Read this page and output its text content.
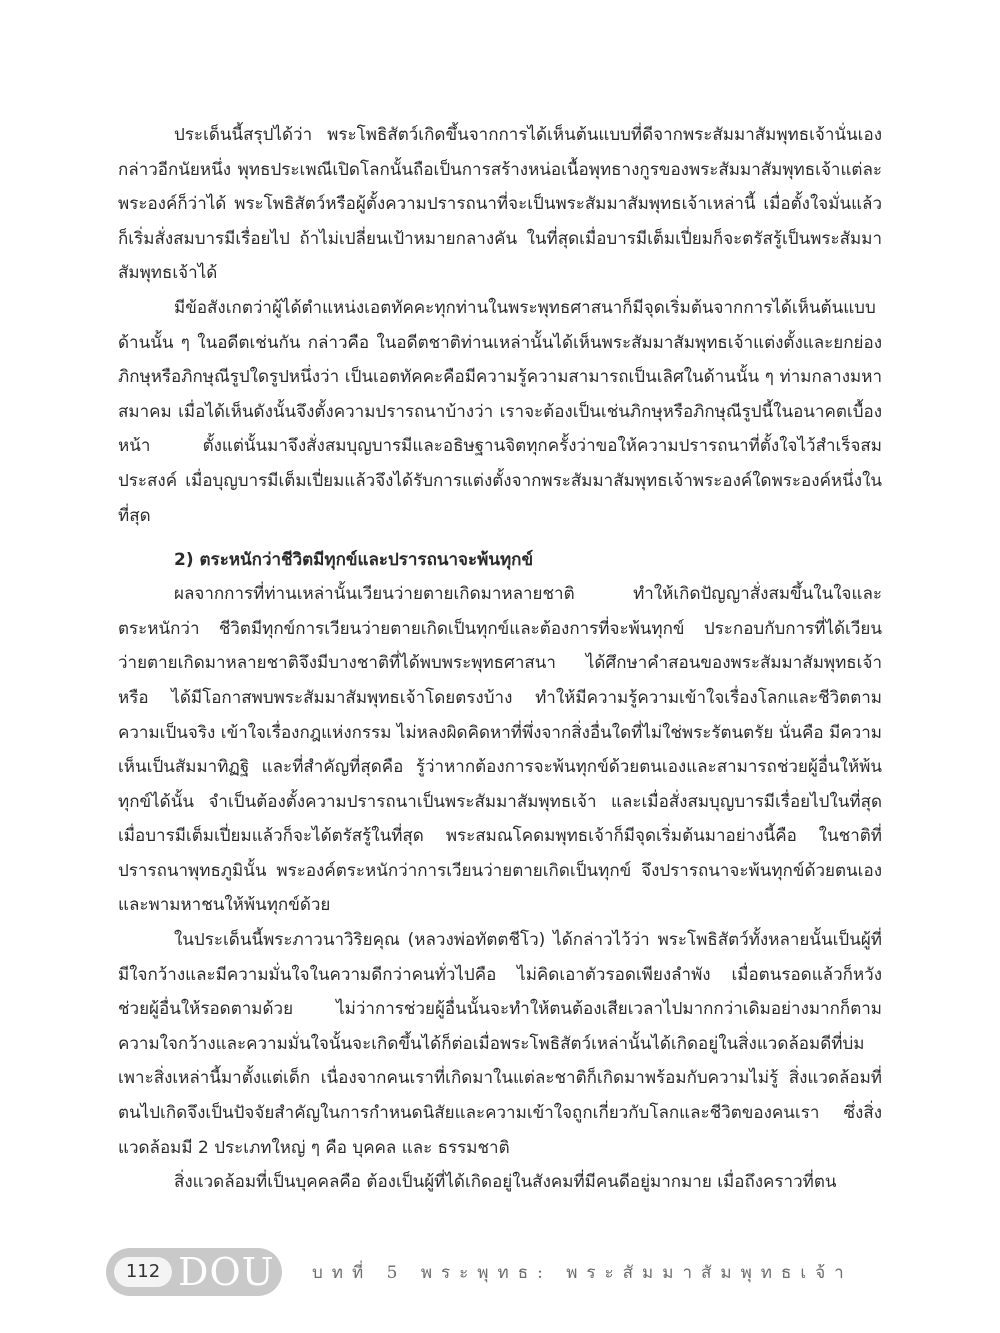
ประเด็นนี้สรุปได้ว่า พระโพธิสัตว์เกิดขึ้นจากการได้เห็นต้นแบบที่ดีจากพระสัมมาสัมพุทธเจ้านั่นเอง กล่าวอีกนัยหนึ่ง พุทธประเพณีเปิดโลกนั้นถือเป็นการสร้างหน่อเนื้อพุทธางกูรของพระสัมมาสัมพุทธเจ้าแต่ละพระองค์ก็ว่าได้ พระโพธิสัตว์หรือผู้ตั้งความปรารถนาที่จะเป็นพระสัมมาสัมพุทธเจ้าเหล่านี้ เมื่อตั้งใจมั่นแล้วก็เริ่มสั่งสมบารมีเรื่อยไป ถ้าไม่เปลี่ยนเป้าหมายกลางคัน ในที่สุดเมื่อบารมีเต็มเปี่ยมก็จะตรัสรู้เป็นพระสัมมาสัมพุทธเจ้าได้

มีข้อสังเกตว่าผู้ได้ตำแหน่งเอตทัคคะทุกท่านในพระพุทธศาสนาก็มีจุดเริ่มต้นจากการได้เห็นต้นแบบด้านนั้น ๆ ในอดีตเช่นกัน กล่าวคือ ในอดีตชาติท่านเหล่านั้นได้เห็นพระสัมมาสัมพุทธเจ้าแต่งตั้งและยกย่องภิกษุหรือภิกษุณีรูปใดรูปหนึ่งว่า เป็นเอตทัคคะคือมีความรู้ความสามารถเป็นเลิศในด้านนั้น ๆ ท่ามกลางมหาสมาคม เมื่อได้เห็นดังนั้นจึงตั้งความปรารถนาบ้างว่า เราจะต้องเป็นเช่นภิกษุหรือภิกษุณีรูปนี้ในอนาคตเบื้องหน้า ตั้งแต่นั้นมาจึงสั่งสมบุญบารมีและอธิษฐานจิตทุกครั้งว่าขอให้ความปรารถนาที่ตั้งใจไว้สำเร็จสมประสงค์ เมื่อบุญบารมีเต็มเปี่ยมแล้วจึงได้รับการแต่งตั้งจากพระสัมมาสัมพุทธเจ้าพระองค์ใดพระองค์หนึ่งในที่สุด

2) ตระหนักว่าชีวิตมีทุกข์และปรารถนาจะพ้นทุกข์

ผลจากการที่ท่านเหล่านั้นเวียนว่ายตายเกิดมาหลายชาติ ทำให้เกิดปัญญาสั่งสมขึ้นในใจและตระหนักว่า ชีวิตมีทุกข์การเวียนว่ายตายเกิดเป็นทุกข์และต้องการที่จะพ้นทุกข์ ประกอบกับการที่ได้เวียนว่ายตายเกิดมาหลายชาติจึงมีบางชาติที่ได้พบพระพุทธศาสนา ได้ศึกษาคำสอนของพระสัมมาสัมพุทธเจ้า หรือ ได้มีโอกาสพบพระสัมมาสัมพุทธเจ้าโดยตรงบ้าง ทำให้มีความรู้ความเข้าใจเรื่องโลกและชีวิตตามความเป็นจริง เข้าใจเรื่องกฎแห่งกรรม ไม่หลงผิดคิดหาที่พึ่งจากสิ่งอื่นใดที่ไม่ใช่พระรัตนตรัย นั่นคือ มีความเห็นเป็นสัมมาทิฏฐิ และที่สำคัญที่สุดคือ รู้ว่าหากต้องการจะพ้นทุกข์ด้วยตนเองและสามารถช่วยผู้อื่นให้พ้นทุกข์ได้นั้น จำเป็นต้องตั้งความปรารถนาเป็นพระสัมมาสัมพุทธเจ้า และเมื่อสั่งสมบุญบารมีเรื่อยไปในที่สุดเมื่อบารมีเต็มเปี่ยมแล้วก็จะได้ตรัสรู้ในที่สุด พระสมณโคดมพุทธเจ้าก็มีจุดเริ่มต้นมาอย่างนี้คือ ในชาติที่ปรารถนาพุทธภูมินั้น พระองค์ตระหนักว่าการเวียนว่ายตายเกิดเป็นทุกข์ จึงปรารถนาจะพ้นทุกข์ด้วยตนเองและพามหาชนให้พ้นทุกข์ด้วย

ในประเด็นนี้พระภาวนาวิริยคุณ (หลวงพ่อทัตตชีโว) ได้กล่าวไว้ว่า พระโพธิสัตว์ทั้งหลายนั้นเป็นผู้ที่มีใจกว้างและมีความมั่นใจในความดีกว่าคนทั่วไปคือ ไม่คิดเอาตัวรอดเพียงลำพัง เมื่อตนรอดแล้วก็หวังช่วยผู้อื่นให้รอดตามด้วย ไม่ว่าการช่วยผู้อื่นนั้นจะทำให้ตนต้องเสียเวลาไปมากกว่าเดิมอย่างมากก็ตาม ความใจกว้างและความมั่นใจนั้นจะเกิดขึ้นได้ก็ต่อเมื่อพระโพธิสัตว์เหล่านั้นได้เกิดอยู่ในสิ่งแวดล้อมดีที่บ่มเพาะสิ่งเหล่านี้มาตั้งแต่เด็ก เนื่องจากคนเราที่เกิดมาในแต่ละชาติก็เกิดมาพร้อมกับความไม่รู้ สิ่งแวดล้อมที่ตนไปเกิดจึงเป็นปัจจัยสำคัญในการกำหนดนิสัยและความเข้าใจถูกเกี่ยวกับโลกและชีวิตของคนเรา ซึ่งสิ่งแวดล้อมมี 2 ประเภทใหญ่ ๆ คือ บุคคล และ ธรรมชาติ

สิ่งแวดล้อมที่เป็นบุคคลคือ ต้องเป็นผู้ที่ได้เกิดอยู่ในสังคมที่มีคนดีอยู่มากมาย เมื่อถึงคราวที่ตน

112 DOU บทที่ 5 พระพุทธ: พระสัมมาสัมพุทธเจ้า
